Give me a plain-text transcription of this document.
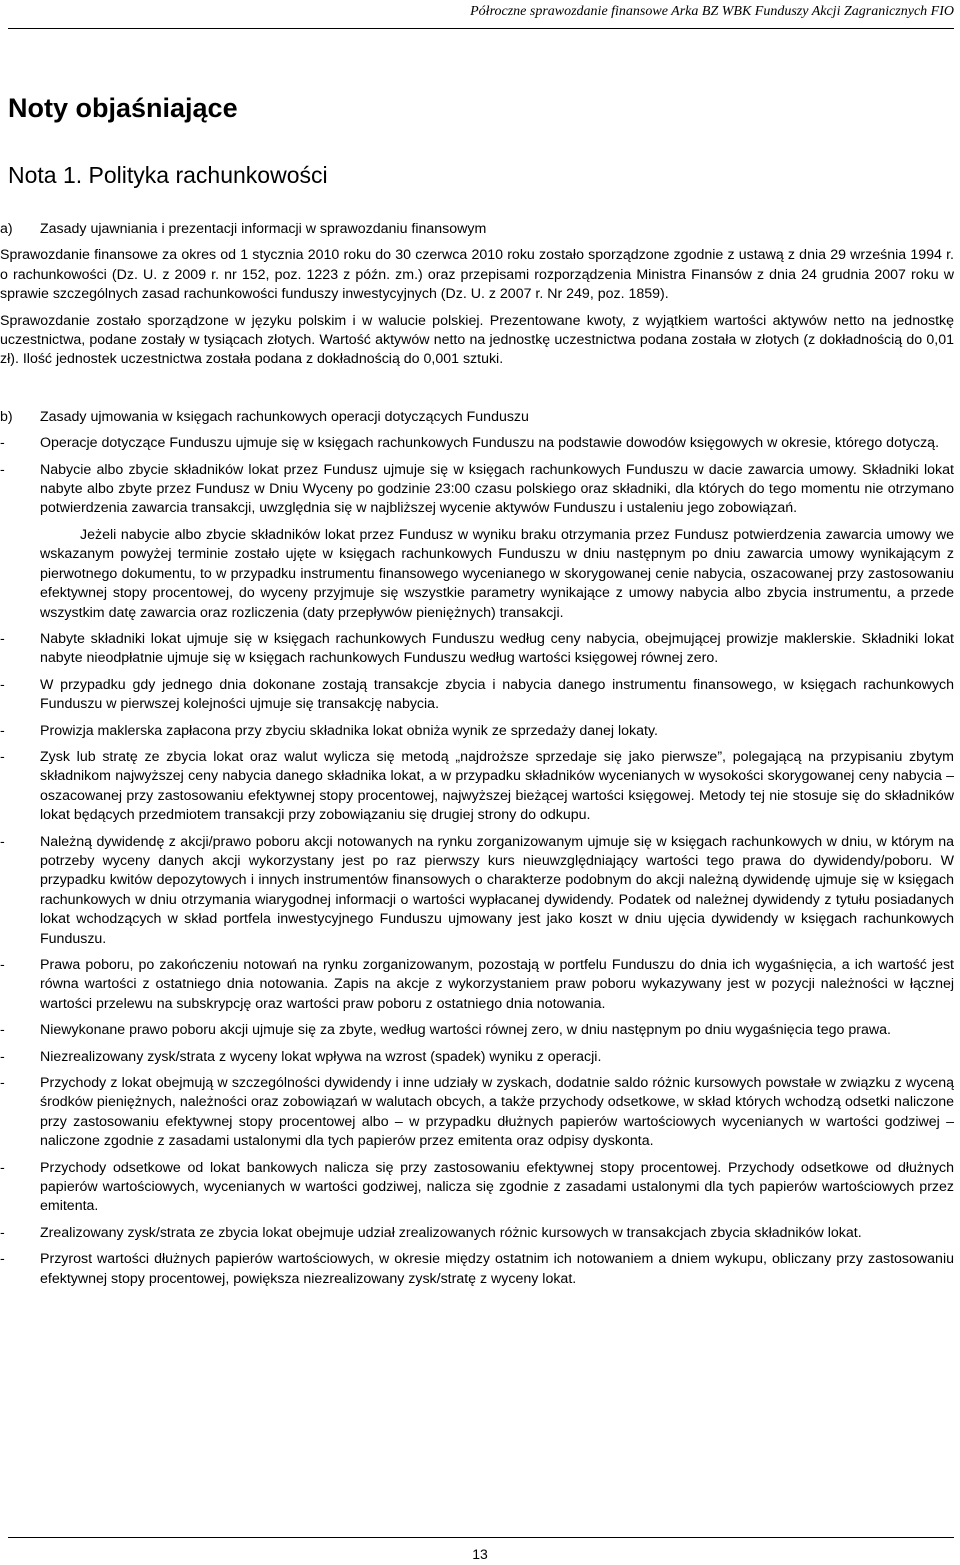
Półroczne sprawozdanie finansowe Arka BZ WBK Funduszy Akcji Zagranicznych FIO
Noty objaśniające
Nota 1. Polityka rachunkowości
a)	Zasady ujawniania i prezentacji informacji w sprawozdaniu finansowym
Sprawozdanie finansowe za okres od 1 stycznia 2010 roku do 30 czerwca 2010 roku zostało sporządzone zgodnie z ustawą z dnia 29 września 1994 r. o rachunkowości (Dz. U. z 2009 r. nr 152, poz. 1223 z późn. zm.) oraz przepisami rozporządzenia Ministra Finansów z dnia 24 grudnia 2007 roku w sprawie szczególnych zasad rachunkowości funduszy inwestycyjnych (Dz. U. z 2007 r. Nr 249, poz. 1859).
Sprawozdanie zostało sporządzone w języku polskim i w walucie polskiej. Prezentowane kwoty, z wyjątkiem wartości aktywów netto na jednostkę uczestnictwa, podane zostały w tysiącach złotych. Wartość aktywów netto na jednostkę uczestnictwa podana została w złotych (z dokładnością do 0,01 zł). Ilość jednostek uczestnictwa została podana z dokładnością do 0,001 sztuki.
b)	Zasady ujmowania w księgach rachunkowych operacji dotyczących Funduszu
- Operacje dotyczące Funduszu ujmuje się w księgach rachunkowych Funduszu na podstawie dowodów księgowych w okresie, którego dotyczą.
- Nabycie albo zbycie składników lokat przez Fundusz ujmuje się w księgach rachunkowych Funduszu w dacie zawarcia umowy. Składniki lokat nabyte albo zbyte przez Fundusz w Dniu Wyceny po godzinie 23:00 czasu polskiego oraz składniki, dla których do tego momentu nie otrzymano potwierdzenia zawarcia transakcji, uwzględnia się w najbliższej wycenie aktywów Funduszu i ustaleniu jego zobowiązań.
Jeżeli nabycie albo zbycie składników lokat przez Fundusz w wyniku braku otrzymania przez Fundusz potwierdzenia zawarcia umowy we wskazanym powyżej terminie zostało ujęte w księgach rachunkowych Funduszu w dniu następnym po dniu zawarcia umowy wynikającym z pierwotnego dokumentu, to w przypadku instrumentu finansowego wycenianego w skorygowanej cenie nabycia, oszacowanej przy zastosowaniu efektywnej stopy procentowej, do wyceny przyjmuje się wszystkie parametry wynikające z umowy nabycia albo zbycia instrumentu, a przede wszystkim datę zawarcia oraz rozliczenia (daty przepływów pieniężnych) transakcji.
- Nabyte składniki lokat ujmuje się w księgach rachunkowych Funduszu według ceny nabycia, obejmującej prowizje maklerskie. Składniki lokat nabyte nieodpłatnie ujmuje się w księgach rachunkowych Funduszu według wartości księgowej równej zero.
- W przypadku gdy jednego dnia dokonane zostają transakcje zbycia i nabycia danego instrumentu finansowego, w księgach rachunkowych Funduszu w pierwszej kolejności ujmuje się transakcję nabycia.
- Prowizja maklerska zapłacona przy zbyciu składnika lokat obniża wynik ze sprzedaży danej lokaty.
- Zysk lub stratę ze zbycia lokat oraz walut wylicza się metodą „najdroższe sprzedaje się jako pierwsze”, polegającą na przypisaniu zbytym składnikom najwyższej ceny nabycia danego składnika lokat, a w przypadku składników wycenianych w wysokości skorygowanej ceny nabycia – oszacowanej przy zastosowaniu efektywnej stopy procentowej, najwyższej bieżącej wartości księgowej. Metody tej nie stosuje się do składników lokat będących przedmiotem transakcji przy zobowiązaniu się drugiej strony do odkupu.
- Należną dywidendę z akcji/prawo poboru akcji notowanych na rynku zorganizowanym ujmuje się w księgach rachunkowych w dniu, w którym na potrzeby wyceny danych akcji wykorzystany jest po raz pierwszy kurs nieuwzględniający wartości tego prawa do dywidendy/poboru. W przypadku kwitów depozytowych i innych instrumentów finansowych o charakterze podobnym do akcji należną dywidendę ujmuje się w księgach rachunkowych w dniu otrzymania wiarygodnej informacji o wartości wypłacanej dywidendy. Podatek od należnej dywidendy z tytułu posiadanych lokat wchodzących w skład portfela inwestycyjnego Funduszu ujmowany jest jako koszt w dniu ujęcia dywidendy w księgach rachunkowych Funduszu.
- Prawa poboru, po zakończeniu notowań na rynku zorganizowanym, pozostają w portfelu Funduszu do dnia ich wygaśnięcia, a ich wartość jest równa wartości z ostatniego dnia notowania. Zapis na akcje z wykorzystaniem praw poboru wykazywany jest w pozycji należności w łącznej wartości przelewu na subskrypcję oraz wartości praw poboru z ostatniego dnia notowania.
- Niewykonane prawo poboru akcji ujmuje się za zbyte, według wartości równej zero, w dniu następnym po dniu wygaśnięcia tego prawa.
- Niezrealizowany zysk/strata z wyceny lokat wpływa na wzrost (spadek) wyniku z operacji.
- Przychody z lokat obejmują w szczególności dywidendy i inne udziały w zyskach, dodatnie saldo różnic kursowych powstałe w związku z wyceną środków pieniężnych, należności oraz zobowiązań w walutach obcych, a także przychody odsetkowe, w skład których wchodzą odsetki naliczone przy zastosowaniu efektywnej stopy procentowej albo – w przypadku dłużnych papierów wartościowych wycenianych w wartości godziwej – naliczone zgodnie z zasadami ustalonymi dla tych papierów przez emitenta oraz odpisy dyskonta.
- Przychody odsetkowe od lokat bankowych nalicza się przy zastosowaniu efektywnej stopy procentowej. Przychody odsetkowe od dłużnych papierów wartościowych, wycenianych w wartości godziwej, nalicza się zgodnie z zasadami ustalonymi dla tych papierów wartościowych przez emitenta.
- Zrealizowany zysk/strata ze zbycia lokat obejmuje udział zrealizowanych różnic kursowych w transakcjach zbycia składników lokat.
- Przyrost wartości dłużnych papierów wartościowych, w okresie między ostatnim ich notowaniem a dniem wykupu, obliczany przy zastosowaniu efektywnej stopy procentowej, powiększa niezrealizowany zysk/stratę z wyceny lokat.
13
